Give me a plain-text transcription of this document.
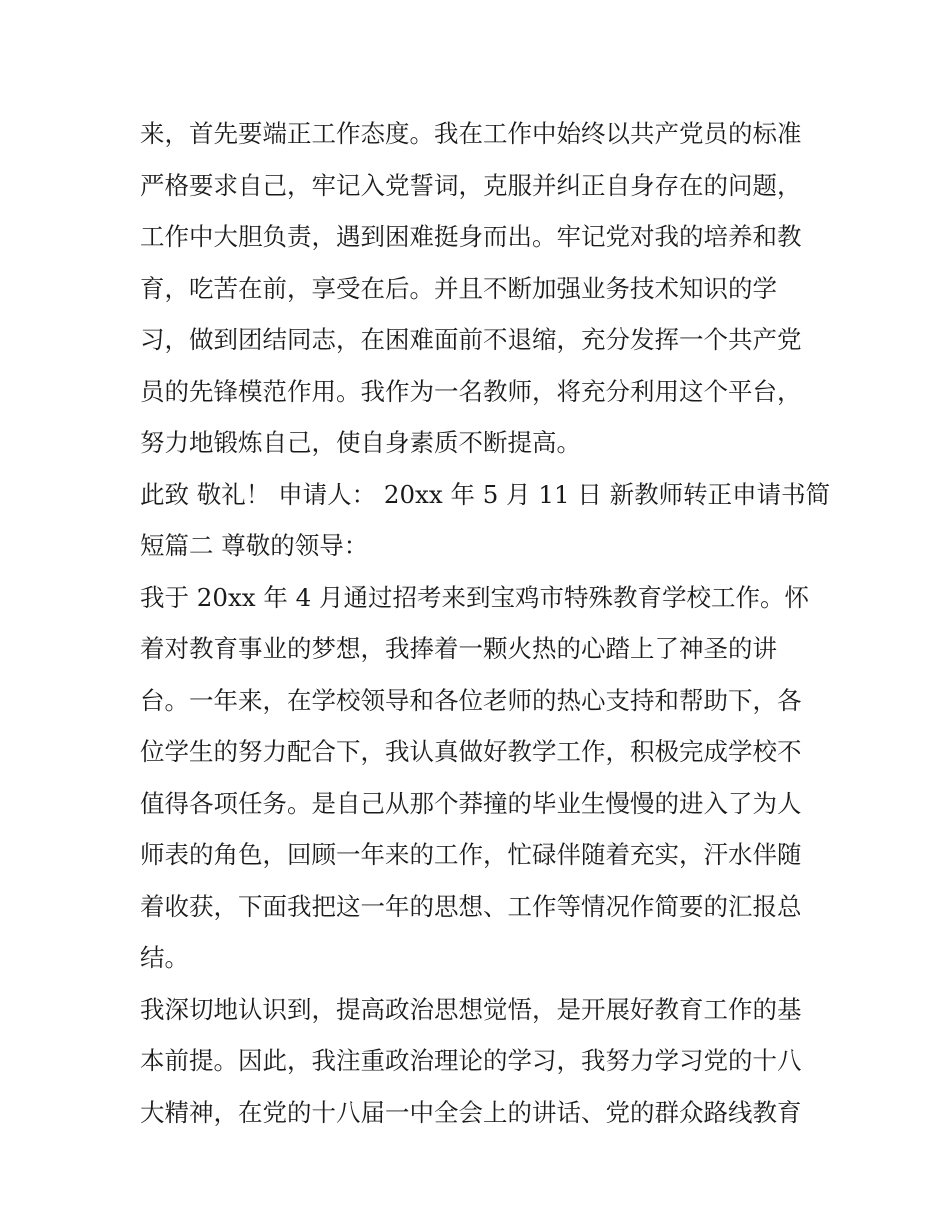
来，首先要端正工作态度。我在工作中始终以共产党员的标准
严格要求自己，牢记入党誓词，克服并纠正自身存在的问题，
工作中大胆负责，遇到困难挺身而出。牢记党对我的培养和教
育，吃苦在前，享受在后。并且不断加强业务技术知识的学
习，做到团结同志，在困难面前不退缩，充分发挥一个共产党
员的先锋模范作用。我作为一名教师，将充分利用这个平台，
努力地锻炼自己，使自身素质不断提高。
此致 敬礼！ 申请人： 20xx 年 5 月 11 日 新教师转正申请书简
短篇二 尊敬的领导：
我于 20xx 年 4 月通过招考来到宝鸡市特殊教育学校工作。怀
着对教育事业的梦想，我捧着一颗火热的心踏上了神圣的讲
台。一年来，在学校领导和各位老师的热心支持和帮助下，各
位学生的努力配合下，我认真做好教学工作，积极完成学校不
值得各项任务。是自己从那个莽撞的毕业生慢慢的进入了为人
师表的角色，回顾一年来的工作，忙碌伴随着充实，汗水伴随
着收获，下面我把这一年的思想、工作等情况作简要的汇报总
结。
我深切地认识到，提高政治思想觉悟，是开展好教育工作的基
本前提。因此，我注重政治理论的学习，我努力学习党的十八
大精神，在党的十八届一中全会上的讲话、党的群众路线教育
